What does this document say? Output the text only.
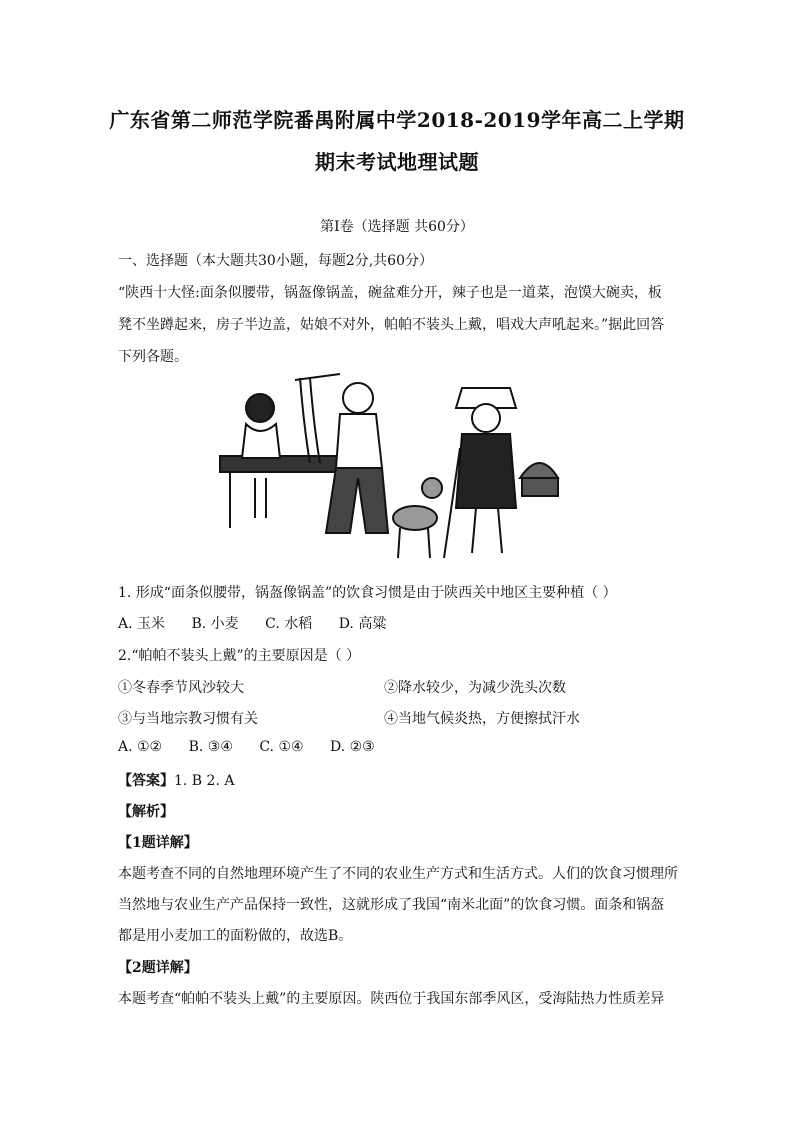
广东省第二师范学院番禺附属中学2018-2019学年高二上学期
期末考试地理试题
第Ⅰ卷（选择题 共60分）
一、选择题（本大题共30小题，每题2分,共60分）
“陕西十大怪:面条似腰带，锅盔像锅盖，碗盆难分开，辣子也是一道菜，泡馍大碗卖，板
凳不坐蹲起来，房子半边盖，姑娘不对外，帕帕不装头上戴，唱戏大声吼起来。”据此回答
下列各题。
1. 形成“面条似腰带，锅盔像锅盖”的饮食习惯是由于陕西关中地区主要种植（ ）
A. 玉米 B. 小麦 C. 水稻 D. 高粱
2.“帕帕不装头上戴”的主要原因是（ ）
①冬春季节风沙较大	②降水较少，为减少洗头次数
③与当地宗教习惯有关	④当地气候炎热，方便擦拭汗水
A. ①② B. ③④ C. ①④ D. ②③
【答案】1. B 2. A
【解析】
【1题详解】
本题考查不同的自然地理环境产生了不同的农业生产方式和生活方式。人们的饮食习惯理所
当然地与农业生产产品保持一致性，这就形成了我国“南米北面”的饮食习惯。面条和锅盔
都是用小麦加工的面粉做的，故选B。
【2题详解】
本题考查“帕帕不装头上戴”的主要原因。陕西位于我国东部季风区，受海陆热力性质差异
